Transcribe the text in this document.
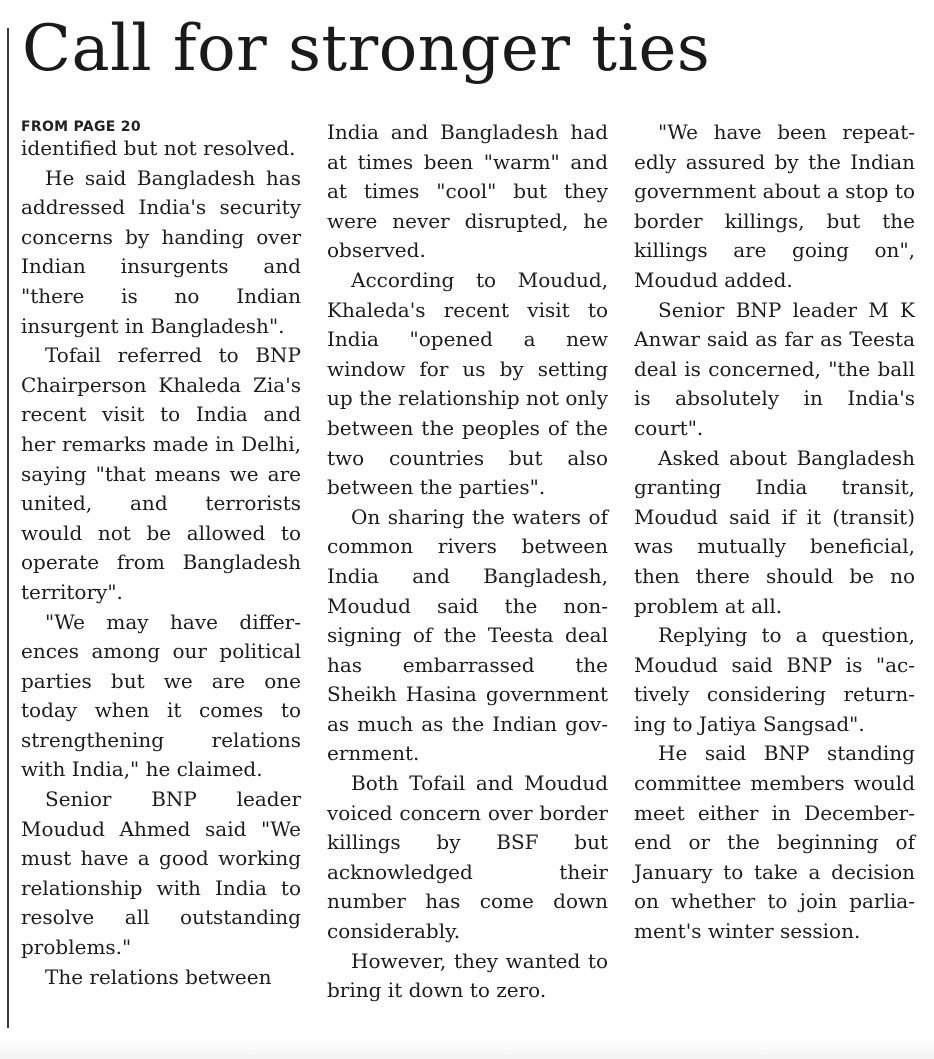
Call for stronger ties
FROM PAGE 20

identified but not resolved.

He said Bangladesh has addressed India's security concerns by handing over Indian insurgents and "there is no Indian insurgent in Bangladesh".

Tofail referred to BNP Chairperson Khaleda Zia's recent visit to India and her remarks made in Delhi, saying "that means we are united, and terrorists would not be allowed to operate from Bangladesh territory".

"We may have differences among our political parties but we are one today when it comes to strengthening relations with India," he claimed.

Senior BNP leader Moudud Ahmed said "We must have a good working relationship with India to resolve all outstanding problems."

The relations between

India and Bangladesh had at times been "warm" and at times "cool" but they were never disrupted, he observed.

According to Moudud, Khaleda's recent visit to India "opened a new window for us by setting up the relationship not only between the peoples of the two countries but also between the parties".

On sharing the waters of common rivers between India and Bangladesh, Moudud said the non-signing of the Teesta deal has embarrassed the Sheikh Hasina government as much as the Indian government.

Both Tofail and Moudud voiced concern over border killings by BSF but acknowledged their number has come down considerably.

However, they wanted to bring it down to zero.

"We have been repeatedly assured by the Indian government about a stop to border killings, but the killings are going on", Moudud added.

Senior BNP leader M K Anwar said as far as Teesta deal is concerned, "the ball is absolutely in India's court".

Asked about Bangladesh granting India transit, Moudud said if it (transit) was mutually beneficial, then there should be no problem at all.

Replying to a question, Moudud said BNP is "actively considering returning to Jatiya Sangsad".

He said BNP standing committee members would meet either in December-end or the beginning of January to take a decision on whether to join parliament's winter session.
